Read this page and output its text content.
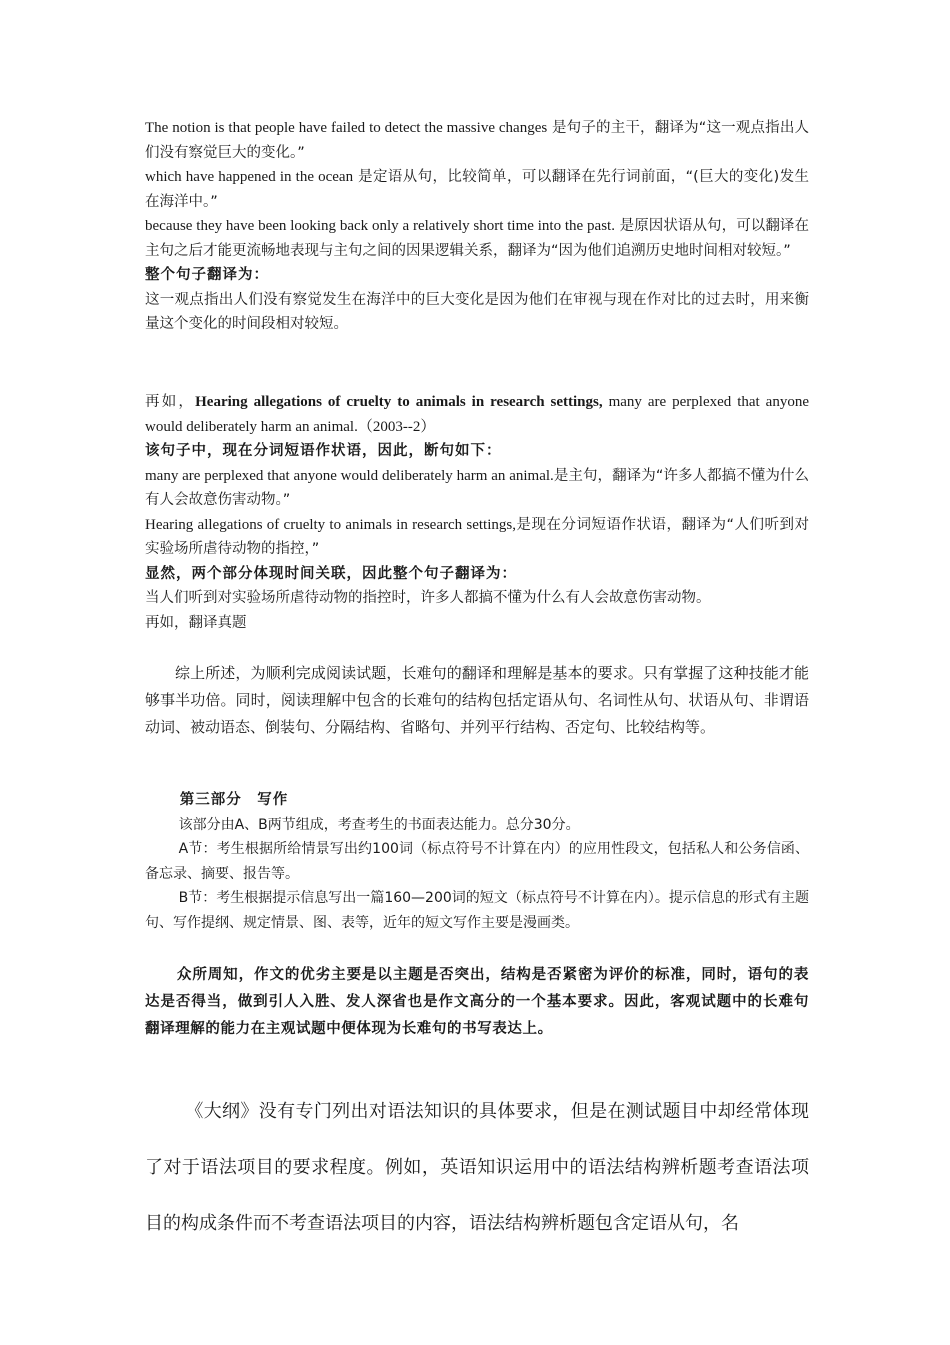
The notion is that people have failed to detect the massive changes 是句子的主干，翻译为“这一观点指出人们没有察觉巨大的变化。”
which have happened in the ocean 是定语从句，比较简单，可以翻译在先行词前面，“(巨大的变化)发生在海洋中。”
because they have been looking back only a relatively short time into the past. 是原因状语从句，可以翻译在主句之后才能更流畅地表现与主句之间的因果逻辑关系，翻译为“因为他们追溯历史地时间相对较短。”
整个句子翻译为：
这一观点指出人们没有察觉发生在海洋中的巨大变化是因为他们在审视与现在作对比的过去时，用来衡量这个变化的时间段相对较短。
再如，Hearing allegations of cruelty to animals in research settings, many are perplexed that anyone would deliberately harm an animal.（2003--2）
该句子中，现在分词短语作状语，因此，断句如下：
many are perplexed that anyone would deliberately harm an animal.是主句，翻译为“许多人都搞不懂为什么有人会故意伤害动物。”
Hearing allegations of cruelty to animals in research settings,是现在分词短语作状语，翻译为“人们听到对实验场所虐待动物的指控，”
显然，两个部分体现时间关联，因此整个句子翻译为：
当人们听到对实验场所虐待动物的指控时，许多人都搞不懂为什么有人会故意伤害动物。
再如，翻译真题
综上所述，为顺利完成阅读试题，长难句的翻译和理解是基本的要求。只有掌握了这种技能才能够事半功倍。同时，阅读理解中包含的长难句的结构包括定语从句、名词性从句、状语从句、非谓语动词、被动语态、倒装句、分隔结构、省略句、并列平行结构、否定句、比较结构等。
第三部分　写作
该部分由A、B两节组成，考查考生的书面表达能力。总分30分。
A节：考生根据所给情景写出约100词（标点符号不计算在内）的应用性段文，包括私人和公务信函、备忘录、摘要、报告等。
B节：考生根据提示信息写出一篇160—200词的短文（标点符号不计算在内）。提示信息的形式有主题句、写作提纲、规定情景、图、表等，近年的短文写作主要是漫画类。
众所周知，作文的优劣主要是以主题是否突出，结构是否紧密为评价的标准，同时，语句的表达是否得当，做到引人入胜、发人深省也是作文高分的一个基本要求。因此，客观试题中的长难句翻译理解的能力在主观试题中便体现为长难句的书写表达上。
《大纲》没有专门列出对语法知识的具体要求，但是在测试题目中却经常体现了对于语法项目的要求程度。例如，英语知识运用中的语法结构辨析题考查语法项目的构成条件而不考查语法项目的内容，语法结构辨析题包含定语从句，名
